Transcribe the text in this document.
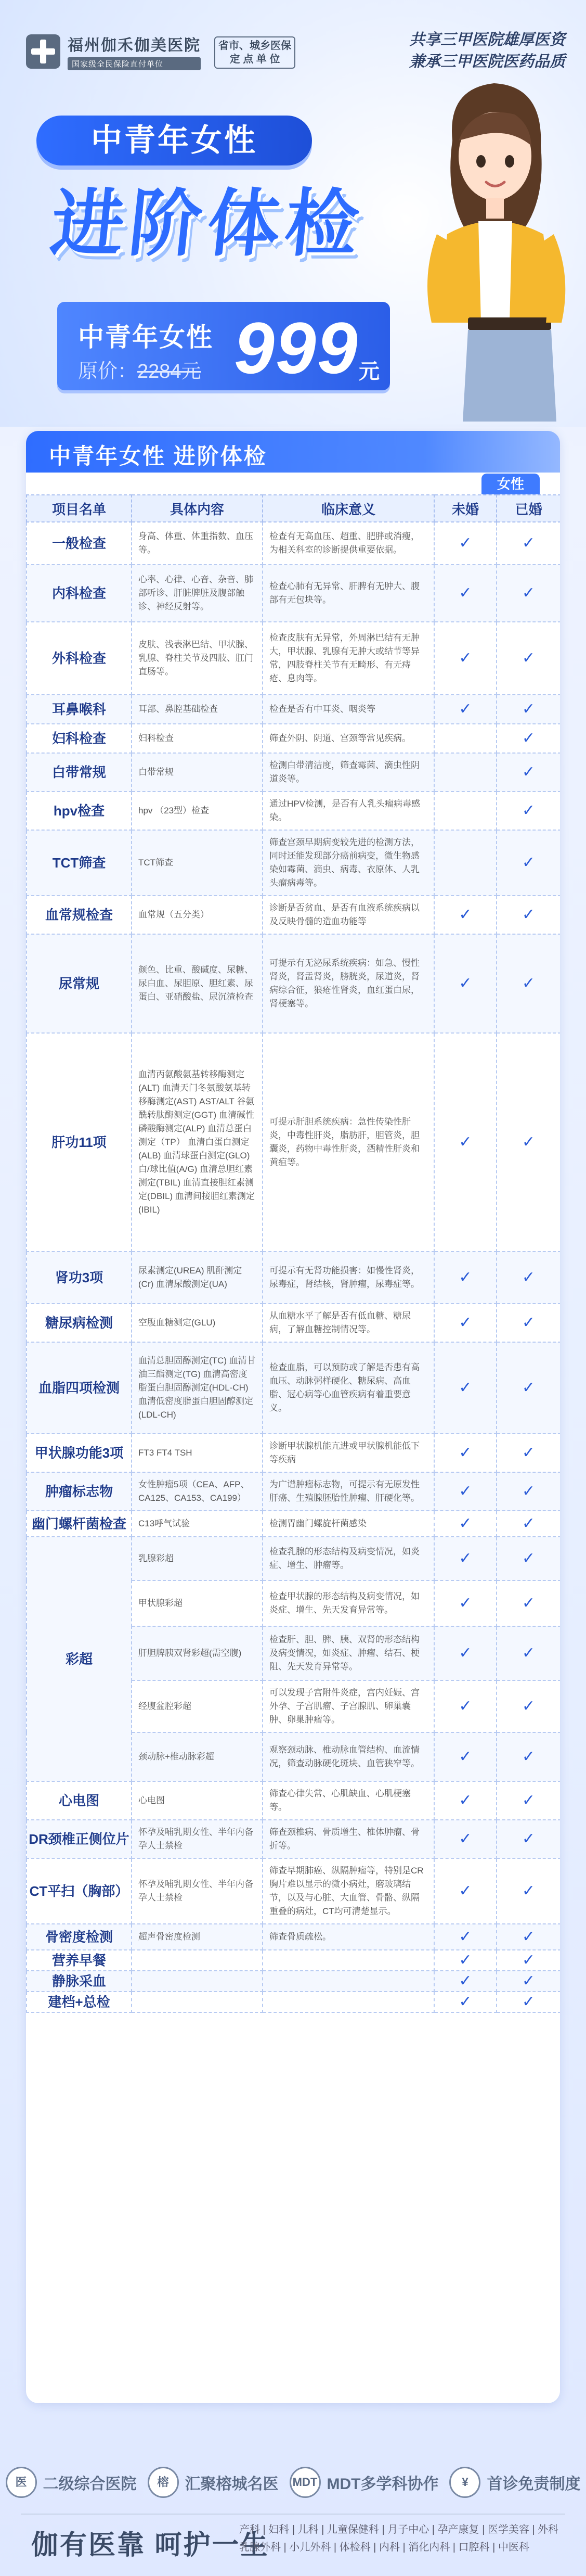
福州伽禾伽美医院
国家级全民保险直付单位
省市、城乡医保
定 点 单 位
共享三甲医院雄厚医资
兼承三甲医院医药品质
中青年女性
进阶体检
中青年女性
原价：2284元 999 元
中青年女性 进阶体检
女性
项目名单	具体内容	临床意义	未婚	已婚
一般检查	身高、体重、体重指数、血压等。	检查有无高血压、超重、肥胖或消瘦，为相关科室的诊断提供重要依据。	✓	✓
内科检查	心率、心律、心音、杂音、肺部听诊、肝脏脾脏及腹部触诊、神经反射等。	检查心肺有无异常、肝脾有无肿大、腹部有无包块等。	✓	✓
外科检查	皮肤、浅表淋巴结、甲状腺、乳腺、脊柱关节及四肢、肛门直肠等。	检查皮肤有无异常，外周淋巴结有无肿大，甲状腺、乳腺有无肿大或结节等异常，四肢脊柱关节有无畸形、有无痔疮、息肉等。	✓	✓
耳鼻喉科	耳部、鼻腔基础检查	检查是否有中耳炎、咽炎等	✓	✓
妇科检查	妇科检查	筛查外阴、阴道、宫颈等常见疾病。		✓
白带常规	白带常规	检测白带清洁度，筛查霉菌、滴虫性阴道炎等。		✓
hpv检查	hpv （23型）检查	通过HPV检测，是否有人乳头瘤病毒感染。		✓
TCT筛查	TCT筛查	筛查宫颈早期病变较先进的检测方法，同时还能发现部分癌前病变，微生物感染如霉菌、滴虫、病毒、衣原体、人乳头瘤病毒等。		✓
血常规检查	血常规（五分类）	诊断是否贫血、是否有血液系统疾病以及反映骨髓的造血功能等	✓	✓
尿常规	颜色、比重、酸碱度、尿糖、尿白血、尿胆原、胆红素、尿蛋白、亚硝酸盐、尿沉渣检查	可提示有无泌尿系统疾病：如急、慢性肾炎，肾盂肾炎，膀胱炎，尿道炎，肾病综合征，狼疮性肾炎，血红蛋白尿，肾梗塞等。	✓	✓
肝功11项	血清丙氨酸氨基转移酶测定(ALT) 血清天门冬氨酸氨基转移酶测定(AST) AST/ALT 谷氨酰转肽酶测定(GGT) 血清碱性磷酸酶测定(ALP) 血清总蛋白测定（TP） 血清白蛋白测定(ALB) 血清球蛋白测定(GLO) 白/球比值(A/G) 血清总胆红素测定(TBIL) 血清直接胆红素测定(DBIL) 血清间接胆红素测定(IBIL)	可提示肝胆系统疾病：急性传染性肝炎，中毒性肝炎，脂肪肝，胆管炎，胆囊炎，药物中毒性肝炎，酒精性肝炎和黄疸等。	✓	✓
肾功3项	尿素测定(UREA) 肌酐测定(Cr) 血清尿酸测定(UA)	可提示有无肾功能损害：如慢性肾炎，尿毒症，肾结核，肾肿瘤，尿毒症等。	✓	✓
糖尿病检测	空腹血糖测定(GLU)	从血糖水平了解是否有低血糖、糖尿病，了解血糖控制情况等。	✓	✓
血脂四项检测	血清总胆固醇测定(TC) 血清甘油三酯测定(TG) 血清高密度脂蛋白胆固醇测定(HDL-CH) 血清低密度脂蛋白胆固醇测定(LDL-CH)	检查血脂，可以预防或了解是否患有高血压、动脉粥样硬化、糖尿病、高血脂、冠心病等心血管疾病有着重要意义。	✓	✓
甲状腺功能3项	FT3 FT4 TSH	诊断甲状腺机能亢进或甲状腺机能低下等疾病	✓	✓
肿瘤标志物	女性肿瘤5项（CEA、AFP、CA125、CA153、CA199）	为广谱肿瘤标志物，可提示有无原发性肝癌、生殖腺胚胎性肿瘤、肝硬化等。	✓	✓
幽门螺杆菌检查	C13呼气试验	检测胃幽门螺旋杆菌感染	✓	✓
彩超	乳腺彩超	检查乳腺的形态结构及病变情况，如炎症、增生、肿瘤等。	✓	✓
	甲状腺彩超	检查甲状腺的形态结构及病变情况，如炎症、增生、先天发育异常等。	✓	✓
	肝胆脾胰双肾彩超(需空腹)	检查肝、胆、脾、胰、双肾的形态结构及病变情况，如炎症、肿瘤、结石、梗阻、先天发育异常等。	✓	✓
	经腹盆腔彩超	可以发现子宫附件炎症，宫内妊娠、宫外孕、子宫肌瘤、子宫腺肌、卵巢囊肿、卵巢肿瘤等。	✓	✓
	颈动脉+椎动脉彩超	观察颈动脉、椎动脉血管结构、血流情况，筛查动脉硬化斑块、血管狭窄等。	✓	✓
心电图	心电图	筛查心律失常、心肌缺血、心肌梗塞等。	✓	✓
DR颈椎正侧位片	怀孕及哺乳期女性、半年内备孕人士禁检	筛查颈椎病、骨质增生、椎体肿瘤、骨折等。	✓	✓
CT平扫（胸部）	怀孕及哺乳期女性、半年内备孕人士禁检	筛查早期肺癌、纵隔肿瘤等，特别是CR胸片难以显示的微小病灶，磨玻璃结节，以及与心脏、大血管、骨骼、纵隔重叠的病灶，CT均可清楚显示。	✓	✓
骨密度检测	超声骨密度检测	筛查骨质疏松。	✓	✓
营养早餐			✓	✓
静脉采血			✓	✓
建档+总检			✓	✓
医	二级综合医院	榕	汇聚榕城名医 MDT MDT多学科协作	¥	首诊免责制度
伽有医靠 呵护一生
产科 | 妇科 | 儿科 | 儿童保健科 | 月子中心 | 孕产康复 | 医学美容 | 外科 乳腺外科 | 小儿外科 | 体检科 | 内科 | 消化内科 | 口腔科 | 中医科
